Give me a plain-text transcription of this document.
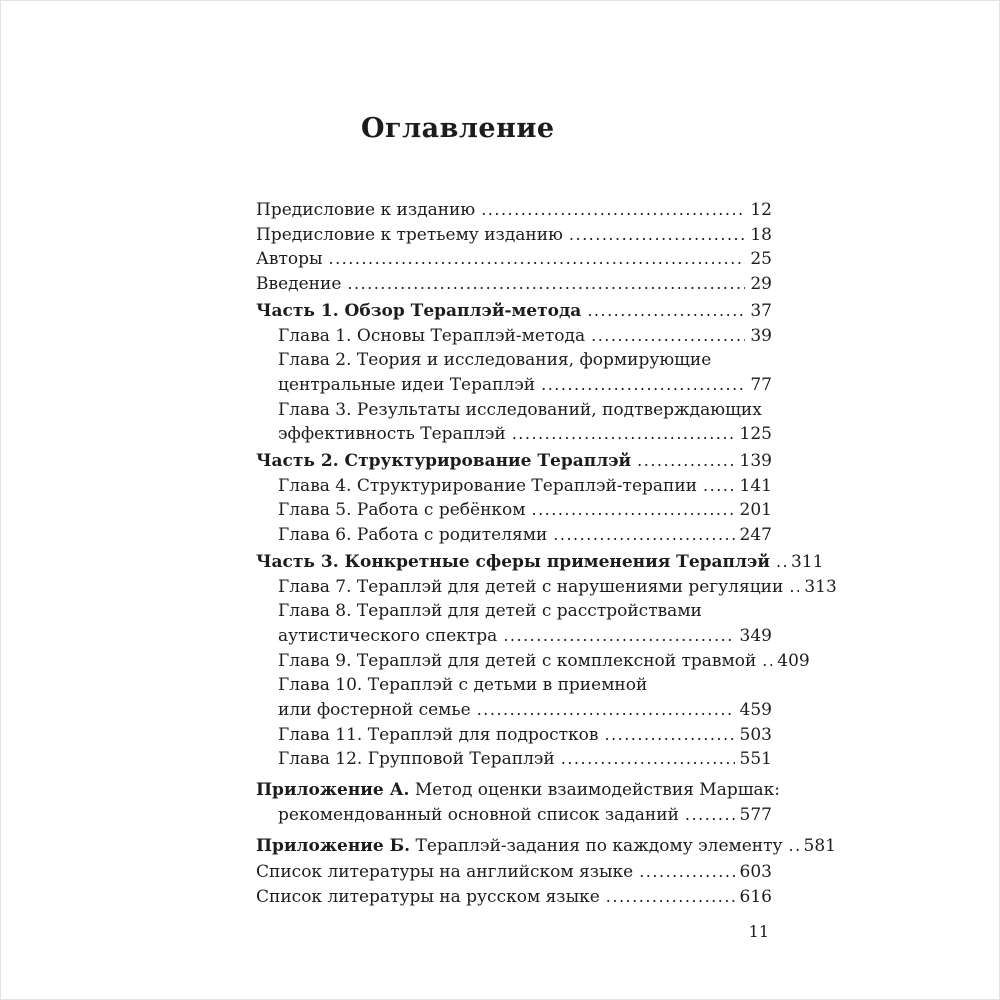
Оглавление
Предисловие к изданию .....	12
Предисловие к третьему изданию .....	18
Авторы .....	25
Введение .....	29
Часть 1. Обзор Тераплэй-метода .....	37
Глава 1. Основы Тераплэй-метода .....	39
Глава 2. Теория и исследования, формирующие
центральные идеи Тераплэй .....	77
Глава 3. Результаты исследований, подтверждающих
эффективность Тераплэй .....	125
Часть 2. Структурирование Тераплэй .....	139
Глава 4. Структурирование Тераплэй-терапии .....	141
Глава 5. Работа с ребёнком .....	201
Глава 6. Работа с родителями .....	247
Часть 3. Конкретные сферы применения Тераплэй ..... 311
Глава 7. Тераплэй для детей с нарушениями регуляции ..... 313
Глава 8. Тераплэй для детей с расстройствами
аутистического спектра .....	349
Глава 9. Тераплэй для детей с комплексной травмой ..... 409
Глава 10. Тераплэй с детьми в приемной
или фостерной семье .....	459
Глава 11. Тераплэй для подростков .....	503
Глава 12. Групповой Тераплэй .....	551
Приложение А. Метод оценки взаимодействия Маршак:
рекомендованный основной список заданий .....	577
Приложение Б. Тераплэй-задания по каждому элементу ..... 581
Список литературы на английском языке .....	603
Список литературы на русском языке .....	616
11
